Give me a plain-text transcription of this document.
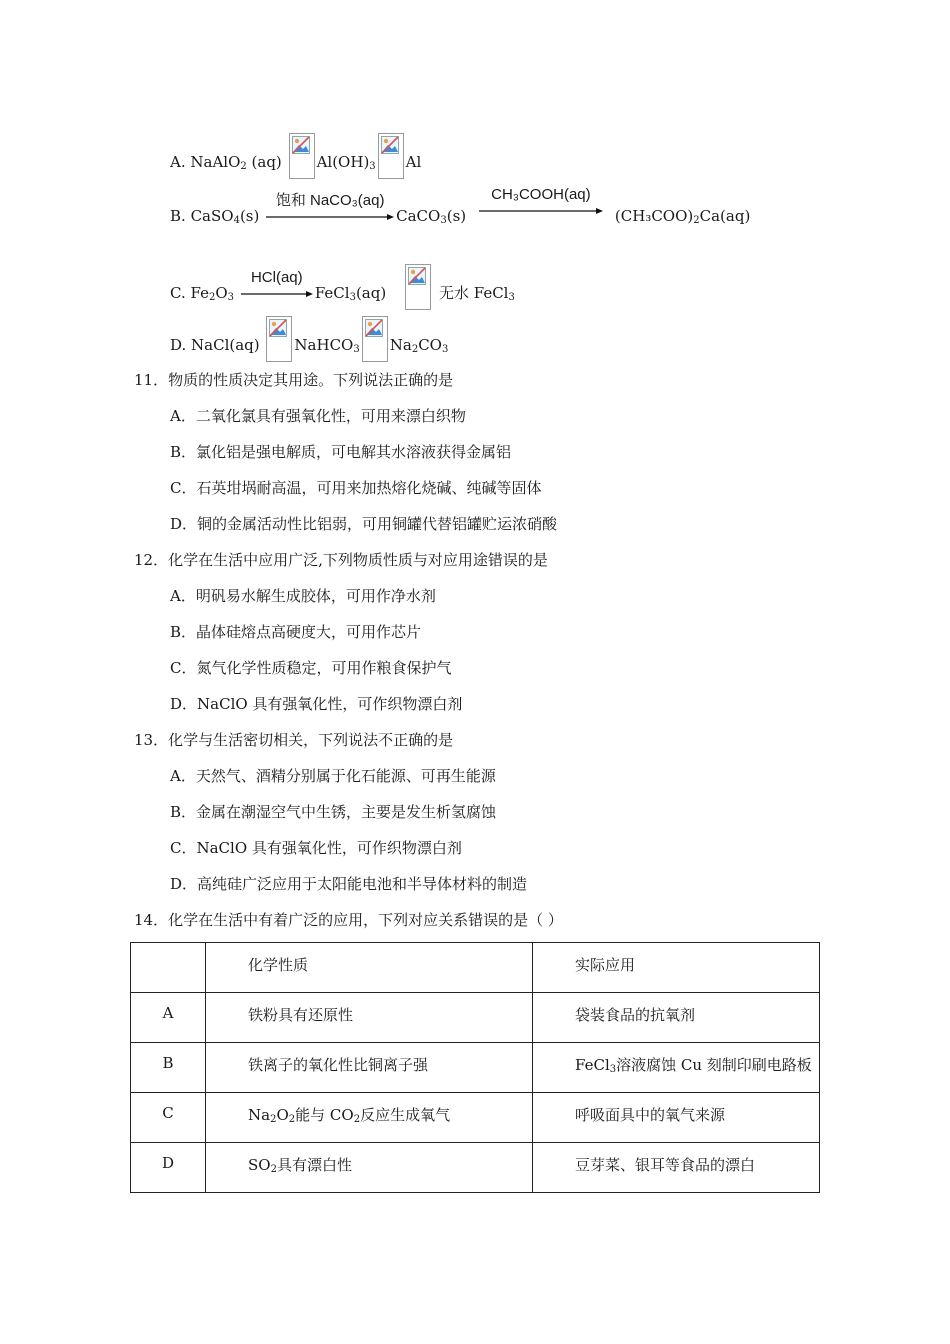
A. NaAlO$_2$ (aq) $Al(OH)_3$ Al
B. CaSO$_4$(s)
饱和 NaCO₃(aq)
CaCO$_3$(s)
CH₃COOH(aq)
$(CH_3COO)_2Ca(aq)$
C. $Fe_2O_3$
HCl(aq)
FeCl$_3$(aq)	无水 FeCl$_3$
D. NaCl(aq) NaHCO$_3$ $Na_2CO_3$
11．物质的性质决定其用途。下列说法正确的是
A．二氧化氯具有强氧化性，可用来漂白织物
B．氯化铝是强电解质，可电解其水溶液获得金属铝
C．石英坩埚耐高温，可用来加热熔化烧碱、纯碱等固体
D．铜的金属活动性比铝弱，可用铜罐代替铝罐贮运浓硝酸
12．化学在生活中应用广泛,下列物质性质与对应用途错误的是
A．明矾易水解生成胶体，可用作净水剂
B．晶体硅熔点高硬度大，可用作芯片
C．氮气化学性质稳定，可用作粮食保护气
D．NaClO 具有强氧化性，可作织物漂白剂
13．化学与生活密切相关，下列说法不正确的是
A．天然气、酒精分别属于化石能源、可再生能源
B．金属在潮湿空气中生锈，主要是发生析氢腐蚀
C．NaClO 具有强氧化性，可作织物漂白剂
D．高纯硅广泛应用于太阳能电池和半导体材料的制造
14．化学在生活中有着广泛的应用，下列对应关系错误的是（ ）
	化学性质	实际应用
A	铁粉具有还原性	袋装食品的抗氧剂
B	铁离子的氧化性比铜离子强	FeCl$_3$溶液腐蚀 Cu 刻制印刷电路板
C	$Na_2O_2$能与 $CO_2$反应生成氧气	呼吸面具中的氧气来源
D	$SO_2$具有漂白性	豆芽菜、银耳等食品的漂白
